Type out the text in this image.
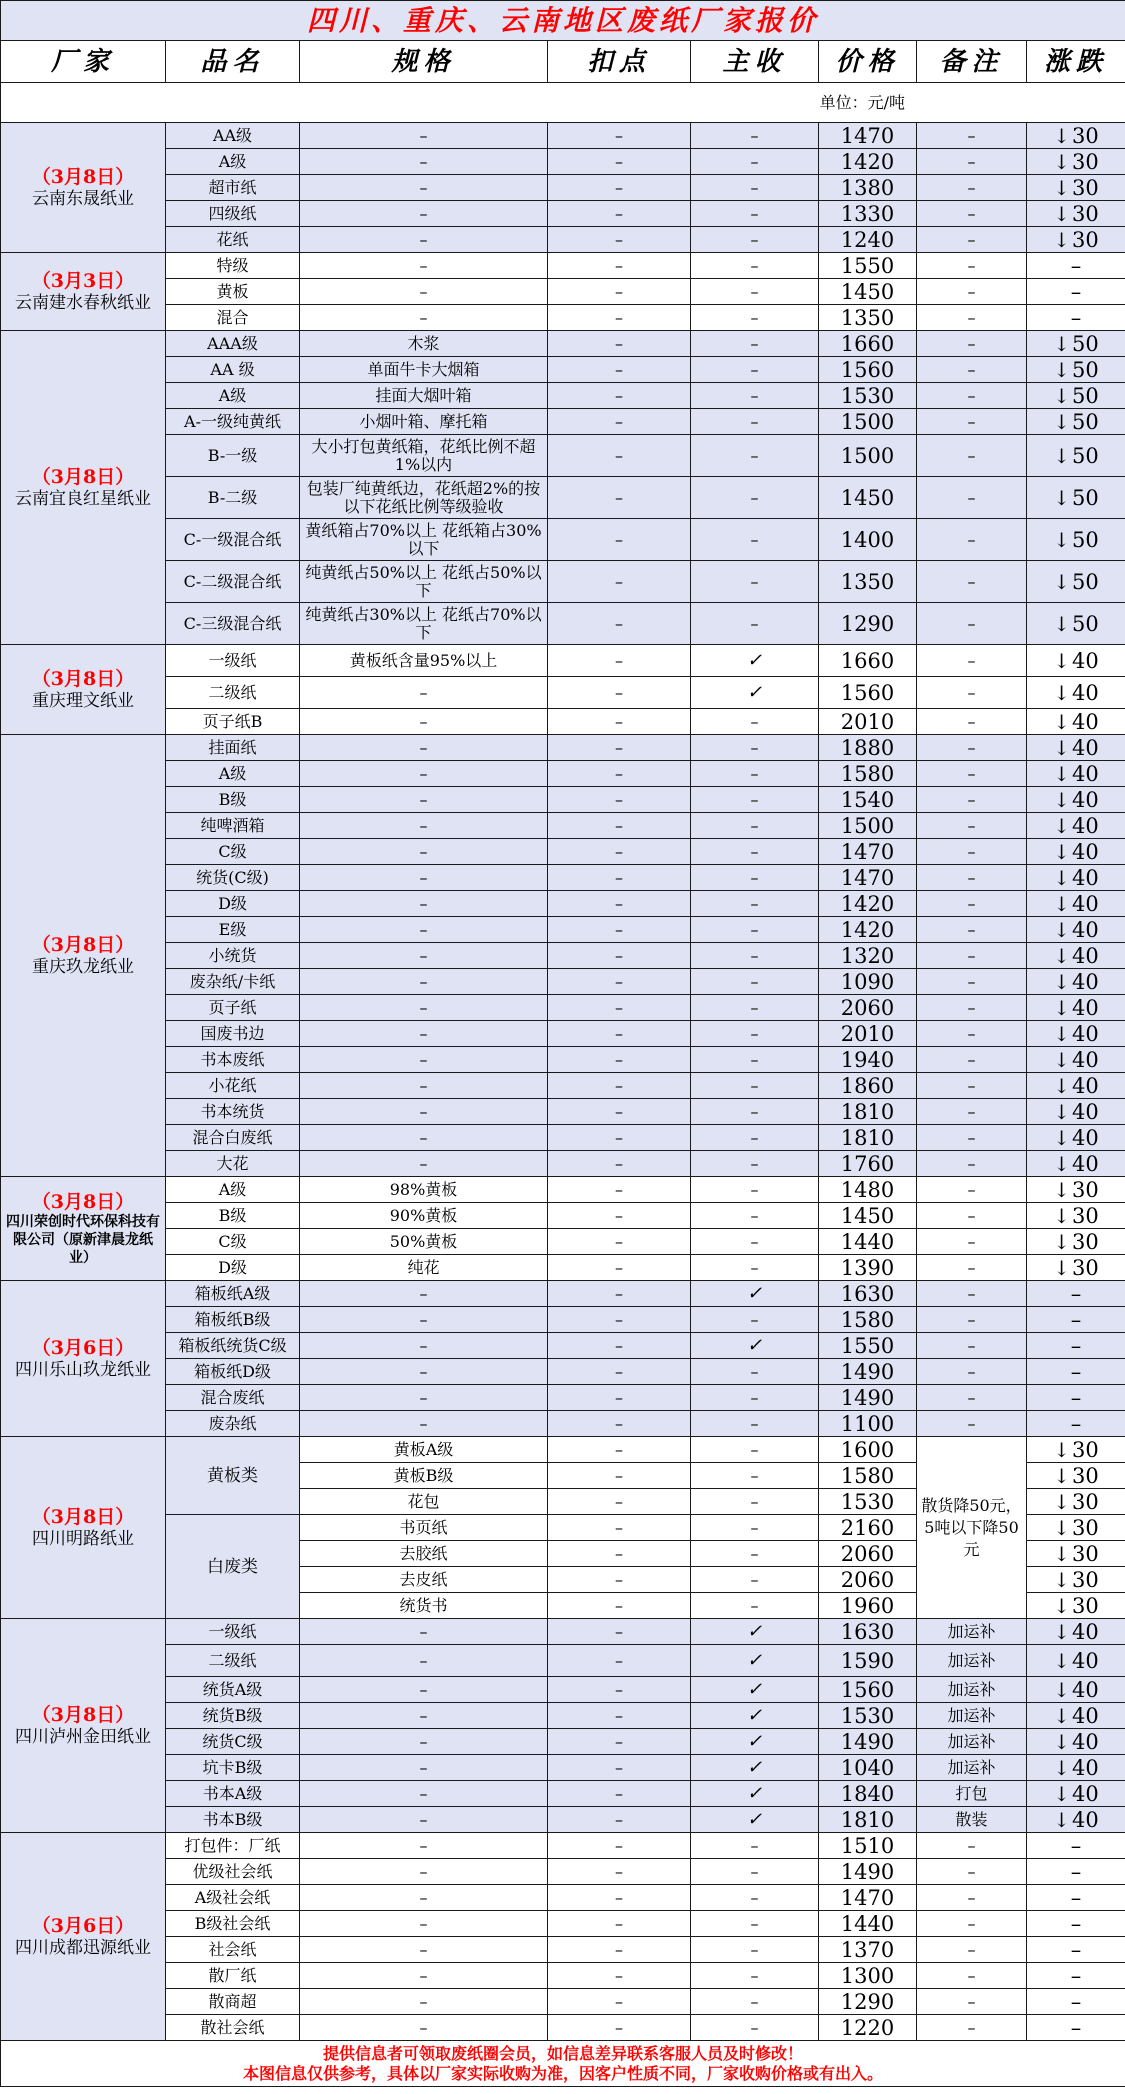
四川、重庆、云南地区废纸厂家报价							
厂家	品名	规格	扣点	主收	价格	备注	涨跌
单位：元/吨							

（3月8日）
云南东晟纸业	AA级	–	–	–	1470	–	↓30
	A级	–	–	–	1420	–	↓30
	超市纸	–	–	–	1380	–	↓30
	四级纸	–	–	–	1330	–	↓30
	花纸	–	–	–	1240	–	↓30

（3月3日）
云南建水春秋纸业	特级	–	–	–	1550	–	–
	黄板	–	–	–	1450	–	–
	混合	–	–	–	1350	–	–

（3月8日）
云南宜良红星纸业	AAA级	木浆	–	–	1660	–	↓50
	AA 级	单面牛卡大烟箱	–	–	1560	–	↓50
	A级	挂面大烟叶箱	–	–	1530	–	↓50
	A-一级纯黄纸	小烟叶箱、摩托箱	–	–	1500	–	↓50
	B-一级	大小打包黄纸箱，花纸比例不超1%以内	–	–	1500	–	↓50
	B-二级	包装厂纯黄纸边，花纸超2%的按以下花纸比例等级验收	–	–	1450	–	↓50
	C-一级混合纸	黄纸箱占70%以上 花纸箱占30%以下	–	–	1400	–	↓50
	C-二级混合纸	纯黄纸占50%以上 花纸占50%以下	–	–	1350	–	↓50
	C-三级混合纸	纯黄纸占30%以上 花纸占70%以下	–	–	1290	–	↓50

（3月8日）
重庆理文纸业	一级纸	黄板纸含量95%以上	–	✓	1660	–	↓40
	二级纸	–	–	✓	1560	–	↓40
	页子纸B	–	–	–	2010	–	↓40

（3月8日）
重庆玖龙纸业	挂面纸	–	–	–	1880	–	↓40
	A级	–	–	–	1580	–	↓40
	B级	–	–	–	1540	–	↓40
	纯啤酒箱	–	–	–	1500	–	↓40
	C级	–	–	–	1470	–	↓40
	统货(C级)	–	–	–	1470	–	↓40
	D级	–	–	–	1420	–	↓40
	E级	–	–	–	1420	–	↓40
	小统货	–	–	–	1320	–	↓40
	废杂纸/卡纸	–	–	–	1090	–	↓40
	页子纸	–	–	–	2060	–	↓40
	国废书边	–	–	–	2010	–	↓40
	书本废纸	–	–	–	1940	–	↓40
	小花纸	–	–	–	1860	–	↓40
	书本统货	–	–	–	1810	–	↓40
	混合白废纸	–	–	–	1810	–	↓40
	大花	–	–	–	1760	–	↓40

（3月8日）
四川荣创时代环保科技有限公司（原新津晨龙纸业）	A级	98%黄板	–	–	1480	–	↓30
	B级	90%黄板	–	–	1450	–	↓30
	C级	50%黄板	–	–	1440	–	↓30
	D级	纯花	–	–	1390	–	↓30

（3月6日）
四川乐山玖龙纸业	箱板纸A级	–	–	✓	1630	–	–
	箱板纸B级	–	–	–	1580	–	–
	箱板纸统货C级	–	–	✓	1550	–	–
	箱板纸D级	–	–	–	1490	–	–
	混合废纸	–	–	–	1490	–	–
	废杂纸	–	–	–	1100	–	–

（3月8日）
四川明路纸业	黄板类	黄板A级	–	–	1600	散货降50元，5吨以下降50元	↓30
		黄板B级	–	–	1580		↓30
		花包	–	–	1530		↓30
	白废类	书页纸	–	–	2160		↓30
		去胶纸	–	–	2060		↓30
		去皮纸	–	–	2060		↓30
		统货书	–	–	1960		↓30

（3月8日）
四川泸州金田纸业	一级纸	–	–	✓	1630	加运补	↓40
	二级纸	–	–	✓	1590	加运补	↓40
	统货A级	–	–	✓	1560	加运补	↓40
	统货B级	–	–	✓	1530	加运补	↓40
	统货C级	–	–	✓	1490	加运补	↓40
	坑卡B级	–	–	✓	1040	加运补	↓40
	书本A级	–	–	✓	1840	打包	↓40
	书本B级	–	–	✓	1810	散装	↓40

（3月6日）
四川成都迅源纸业	打包件：厂纸	–	–	–	1510	–	–
	优级社会纸	–	–	–	1490	–	–
	A级社会纸	–	–	–	1470	–	–
	B级社会纸	–	–	–	1440	–	–
	社会纸	–	–	–	1370	–	–
	散厂纸	–	–	–	1300	–	–
	散商超	–	–	–	1290	–	–
	散社会纸	–	–	–	1220	–	–

提供信息者可领取废纸圈会员，如信息差异联系客服人员及时修改！
本图信息仅供参考，具体以厂家实际收购为准，因客户性质不同，厂家收购价格或有出入。							
